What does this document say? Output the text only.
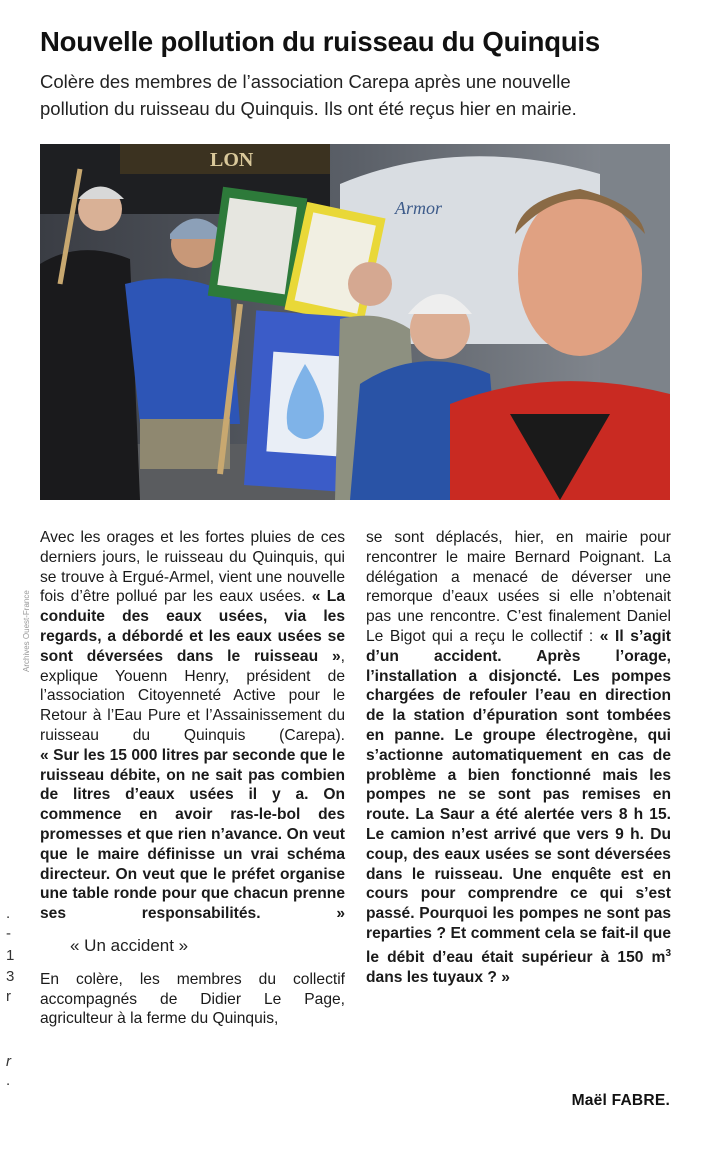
Nouvelle pollution du ruisseau du Quinquis

Colère des membres de l’association Carepa après une nouvelle
pollution du ruisseau du Quinquis. Ils ont été reçus hier en mairie.

LON
Armor
Archives Ouest-France

Avec les orages et les fortes pluies de ces derniers jours, le ruisseau du Quinquis, qui se trouve à Ergué-Armel, vient une nouvelle fois d’être pollué par les eaux usées. « La conduite des eaux usées, via les regards, a débordé et les eaux usées se sont déversées dans le ruisseau », explique Youenn Henry, président de l’association Citoyenneté Active pour le Retour à l’Eau Pure et l’Assainissement du ruisseau du Quinquis (Carepa).

« Sur les 15 000 litres par seconde que le ruisseau débite, on ne sait pas combien de litres d’eaux usées il y a. On commence en avoir ras-le-bol des promesses et que rien n’avance. On veut que le maire définisse un vrai schéma directeur. On veut que le préfet organise une table ronde pour que chacun prenne ses responsabilités. »

« Un accident »

En colère, les membres du collectif accompagnés de Didier Le Page, agriculteur à la ferme du Quinquis,

se sont déplacés, hier, en mairie pour rencontrer le maire Bernard Poignant. La délégation a menacé de déverser une remorque d’eaux usées si elle n’obtenait pas une rencontre. C’est finalement Daniel Le Bigot qui a reçu le collectif : « Il s’agit d’un accident. Après l’orage, l’installation a disjoncté. Les pompes chargées de refouler l’eau en direction de la station d’épuration sont tombées en panne. Le groupe électrogène, qui s’actionne automatiquement en cas de problème a bien fonctionné mais les pompes ne se sont pas remises en route. La Saur a été alertée vers 8 h 15. Le camion n’est arrivé que vers 9 h. Du coup, des eaux usées se sont déversées dans le ruisseau. Une enquête est en cours pour comprendre ce qui s’est passé. Pourquoi les pompes ne sont pas reparties ? Et comment cela se fait-il que le débit d’eau était supérieur à 150 $m^3$ dans les tuyaux ? »

Maël FABRE.
.
-
1
3
r
r
.
